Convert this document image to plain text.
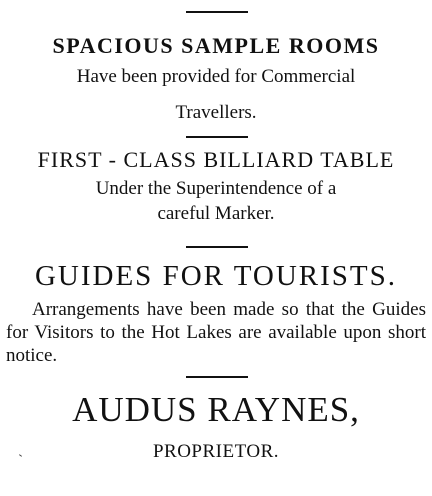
SPACIOUS SAMPLE ROOMS
Have been provided for Commercial
Travellers.
FIRST - CLASS BILLIARD TABLE
Under the Superintendence of a
careful Marker.
GUIDES FOR TOURISTS.
Arrangements have been made so that the Guides for Visitors to the Hot Lakes are available upon short notice.
AUDUS RAYNES,
PROPRIETOR.
